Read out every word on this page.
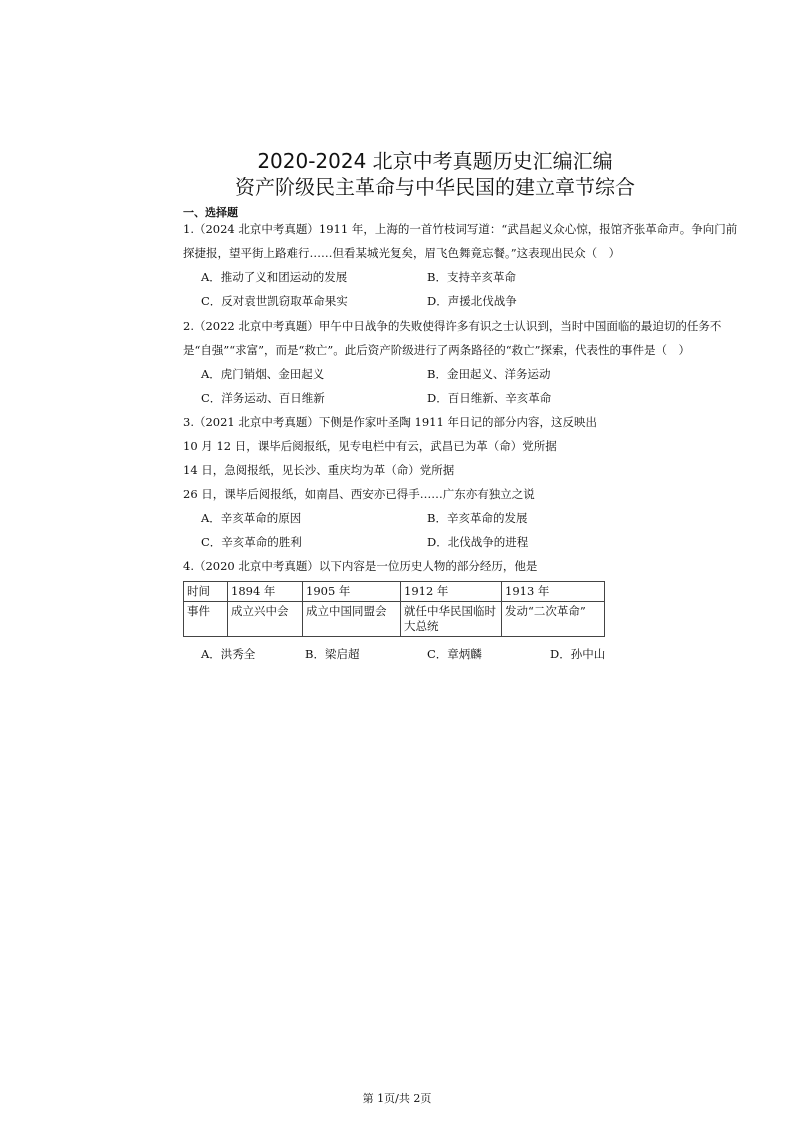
2020-2024 北京中考真题历史汇编汇编
资产阶级民主革命与中华民国的建立章节综合
一、选择题
1.（2024 北京中考真题）1911 年，上海的一首竹枝词写道：“武昌起义众心惊，报馆齐张革命声。争向门前
探捷报，望平街上路难行……但看某城光复矣，眉飞色舞竟忘餐。”这表现出民众（　）
A．推动了义和团运动的发展	B．支持辛亥革命
C．反对袁世凯窃取革命果实	D．声援北伐战争
2.（2022 北京中考真题）甲午中日战争的失败使得许多有识之士认识到，当时中国面临的最迫切的任务不
是“自强”“求富”，而是“救亡”。此后资产阶级进行了两条路径的“救亡”探索，代表性的事件是（　）
A．虎门销烟、金田起义	B．金田起义、洋务运动
C．洋务运动、百日维新	D．百日维新、辛亥革命
3.（2021 北京中考真题）下侧是作家叶圣陶 1911 年日记的部分内容，这反映出
10 月 12 日，课毕后阅报纸，见专电栏中有云，武昌已为革（命）党所据
14 日，急阅报纸，见长沙、重庆均为革（命）党所据
26 日，课毕后阅报纸，如南昌、西安亦已得手……广东亦有独立之说
A．辛亥革命的原因	B．辛亥革命的发展
C．辛亥革命的胜利	D．北伐战争的进程
4.（2020 北京中考真题）以下内容是一位历史人物的部分经历，他是
时间	1894 年	1905 年	1912 年	1913 年
事件	成立兴中会	成立中国同盟会	就任中华民国临时大总统	发动“二次革命”
A．洪秀全	B．梁启超	C．章炳麟	D．孙中山
第 1页/共 2页
